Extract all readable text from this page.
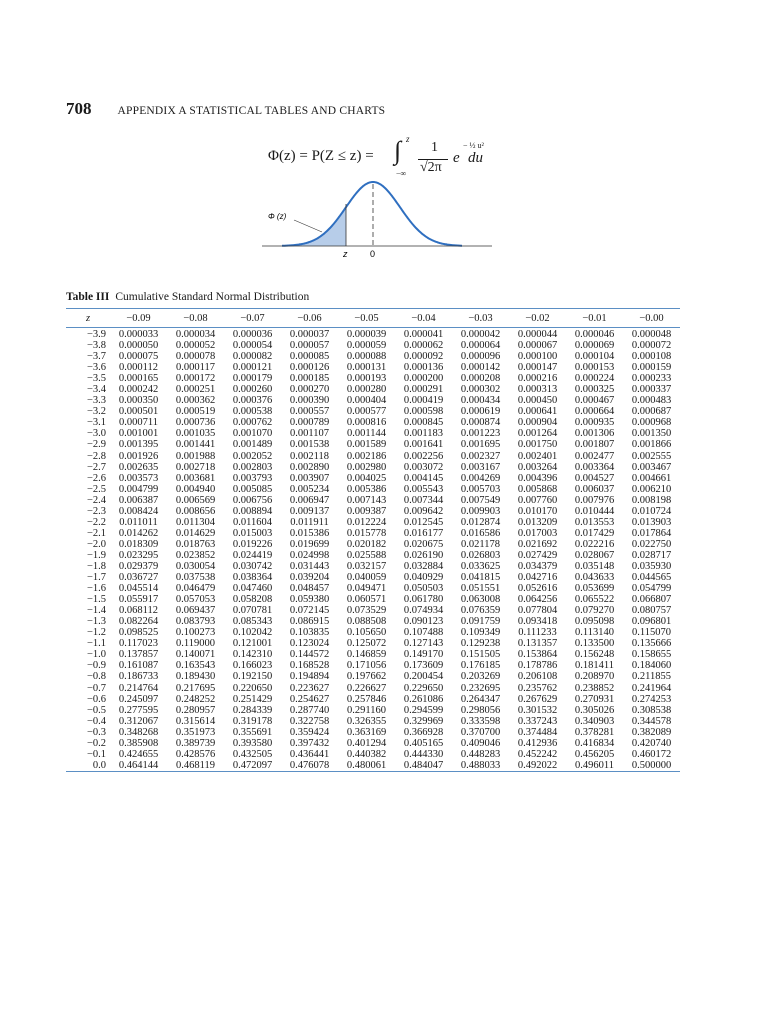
708 APPENDIX A STATISTICAL TABLES AND CHARTS
Φ(z) = P(Z ≤ z) = ∫ z
−∞
1
√2π
e
− ½ u²
du
Φ (z)
z	0
Table III Cumulative Standard Normal Distribution
z	−0.09	−0.08	−0.07	−0.06	−0.05	−0.04	−0.03	−0.02	−0.01	−0.00
−3.9	0.000033	0.000034	0.000036	0.000037	0.000039	0.000041	0.000042	0.000044	0.000046	0.000048
−3.8	0.000050	0.000052	0.000054	0.000057	0.000059	0.000062	0.000064	0.000067	0.000069	0.000072
−3.7	0.000075	0.000078	0.000082	0.000085	0.000088	0.000092	0.000096	0.000100	0.000104	0.000108
−3.6	0.000112	0.000117	0.000121	0.000126	0.000131	0.000136	0.000142	0.000147	0.000153	0.000159
−3.5	0.000165	0.000172	0.000179	0.000185	0.000193	0.000200	0.000208	0.000216	0.000224	0.000233
−3.4	0.000242	0.000251	0.000260	0.000270	0.000280	0.000291	0.000302	0.000313	0.000325	0.000337
−3.3	0.000350	0.000362	0.000376	0.000390	0.000404	0.000419	0.000434	0.000450	0.000467	0.000483
−3.2	0.000501	0.000519	0.000538	0.000557	0.000577	0.000598	0.000619	0.000641	0.000664	0.000687
−3.1	0.000711	0.000736	0.000762	0.000789	0.000816	0.000845	0.000874	0.000904	0.000935	0.000968
−3.0	0.001001	0.001035	0.001070	0.001107	0.001144	0.001183	0.001223	0.001264	0.001306	0.001350
−2.9	0.001395	0.001441	0.001489	0.001538	0.001589	0.001641	0.001695	0.001750	0.001807	0.001866
−2.8	0.001926	0.001988	0.002052	0.002118	0.002186	0.002256	0.002327	0.002401	0.002477	0.002555
−2.7	0.002635	0.002718	0.002803	0.002890	0.002980	0.003072	0.003167	0.003264	0.003364	0.003467
−2.6	0.003573	0.003681	0.003793	0.003907	0.004025	0.004145	0.004269	0.004396	0.004527	0.004661
−2.5	0.004799	0.004940	0.005085	0.005234	0.005386	0.005543	0.005703	0.005868	0.006037	0.006210
−2.4	0.006387	0.006569	0.006756	0.006947	0.007143	0.007344	0.007549	0.007760	0.007976	0.008198
−2.3	0.008424	0.008656	0.008894	0.009137	0.009387	0.009642	0.009903	0.010170	0.010444	0.010724
−2.2	0.011011	0.011304	0.011604	0.011911	0.012224	0.012545	0.012874	0.013209	0.013553	0.013903
−2.1	0.014262	0.014629	0.015003	0.015386	0.015778	0.016177	0.016586	0.017003	0.017429	0.017864
−2.0	0.018309	0.018763	0.019226	0.019699	0.020182	0.020675	0.021178	0.021692	0.022216	0.022750
−1.9	0.023295	0.023852	0.024419	0.024998	0.025588	0.026190	0.026803	0.027429	0.028067	0.028717
−1.8	0.029379	0.030054	0.030742	0.031443	0.032157	0.032884	0.033625	0.034379	0.035148	0.035930
−1.7	0.036727	0.037538	0.038364	0.039204	0.040059	0.040929	0.041815	0.042716	0.043633	0.044565
−1.6	0.045514	0.046479	0.047460	0.048457	0.049471	0.050503	0.051551	0.052616	0.053699	0.054799
−1.5	0.055917	0.057053	0.058208	0.059380	0.060571	0.061780	0.063008	0.064256	0.065522	0.066807
−1.4	0.068112	0.069437	0.070781	0.072145	0.073529	0.074934	0.076359	0.077804	0.079270	0.080757
−1.3	0.082264	0.083793	0.085343	0.086915	0.088508	0.090123	0.091759	0.093418	0.095098	0.096801
−1.2	0.098525	0.100273	0.102042	0.103835	0.105650	0.107488	0.109349	0.111233	0.113140	0.115070
−1.1	0.117023	0.119000	0.121001	0.123024	0.125072	0.127143	0.129238	0.131357	0.133500	0.135666
−1.0	0.137857	0.140071	0.142310	0.144572	0.146859	0.149170	0.151505	0.153864	0.156248	0.158655
−0.9	0.161087	0.163543	0.166023	0.168528	0.171056	0.173609	0.176185	0.178786	0.181411	0.184060
−0.8	0.186733	0.189430	0.192150	0.194894	0.197662	0.200454	0.203269	0.206108	0.208970	0.211855
−0.7	0.214764	0.217695	0.220650	0.223627	0.226627	0.229650	0.232695	0.235762	0.238852	0.241964
−0.6	0.245097	0.248252	0.251429	0.254627	0.257846	0.261086	0.264347	0.267629	0.270931	0.274253
−0.5	0.277595	0.280957	0.284339	0.287740	0.291160	0.294599	0.298056	0.301532	0.305026	0.308538
−0.4	0.312067	0.315614	0.319178	0.322758	0.326355	0.329969	0.333598	0.337243	0.340903	0.344578
−0.3	0.348268	0.351973	0.355691	0.359424	0.363169	0.366928	0.370700	0.374484	0.378281	0.382089
−0.2	0.385908	0.389739	0.393580	0.397432	0.401294	0.405165	0.409046	0.412936	0.416834	0.420740
−0.1	0.424655	0.428576	0.432505	0.436441	0.440382	0.444330	0.448283	0.452242	0.456205	0.460172
0.0	0.464144	0.468119	0.472097	0.476078	0.480061	0.484047	0.488033	0.492022	0.496011	0.500000
